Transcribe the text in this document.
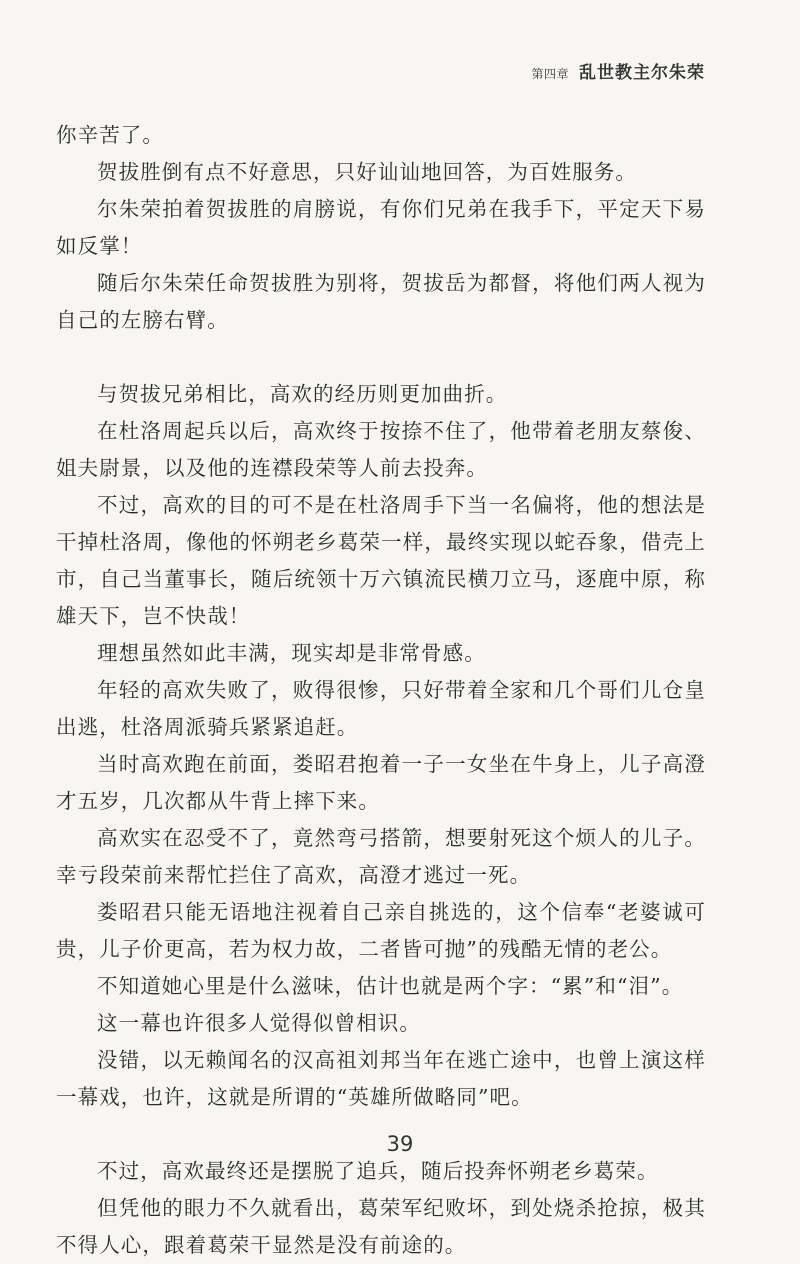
第四章 乱世教主尔朱荣

你辛苦了。

贺拔胜倒有点不好意思，只好讪讪地回答，为百姓服务。

尔朱荣拍着贺拔胜的肩膀说，有你们兄弟在我手下，平定天下易如反掌！

随后尔朱荣任命贺拔胜为别将，贺拔岳为都督，将他们两人视为自己的左膀右臂。

与贺拔兄弟相比，高欢的经历则更加曲折。

在杜洛周起兵以后，高欢终于按捺不住了，他带着老朋友蔡俊、姐夫尉景，以及他的连襟段荣等人前去投奔。

不过，高欢的目的可不是在杜洛周手下当一名偏将，他的想法是干掉杜洛周，像他的怀朔老乡葛荣一样，最终实现以蛇吞象，借壳上市，自己当董事长，随后统领十万六镇流民横刀立马，逐鹿中原，称雄天下，岂不快哉！

理想虽然如此丰满，现实却是非常骨感。

年轻的高欢失败了，败得很惨，只好带着全家和几个哥们儿仓皇出逃，杜洛周派骑兵紧紧追赶。

当时高欢跑在前面，娄昭君抱着一子一女坐在牛身上，儿子高澄才五岁，几次都从牛背上摔下来。

高欢实在忍受不了，竟然弯弓搭箭，想要射死这个烦人的儿子。幸亏段荣前来帮忙拦住了高欢，高澄才逃过一死。

娄昭君只能无语地注视着自己亲自挑选的，这个信奉“老婆诚可贵，儿子价更高，若为权力故，二者皆可抛”的残酷无情的老公。

不知道她心里是什么滋味，估计也就是两个字：“累”和“泪”。

这一幕也许很多人觉得似曾相识。

没错，以无赖闻名的汉高祖刘邦当年在逃亡途中，也曾上演这样一幕戏，也许，这就是所谓的“英雄所做略同”吧。

不过，高欢最终还是摆脱了追兵，随后投奔怀朔老乡葛荣。

但凭他的眼力不久就看出，葛荣军纪败坏，到处烧杀抢掠，极其不得人心，跟着葛荣干显然是没有前途的。

39
